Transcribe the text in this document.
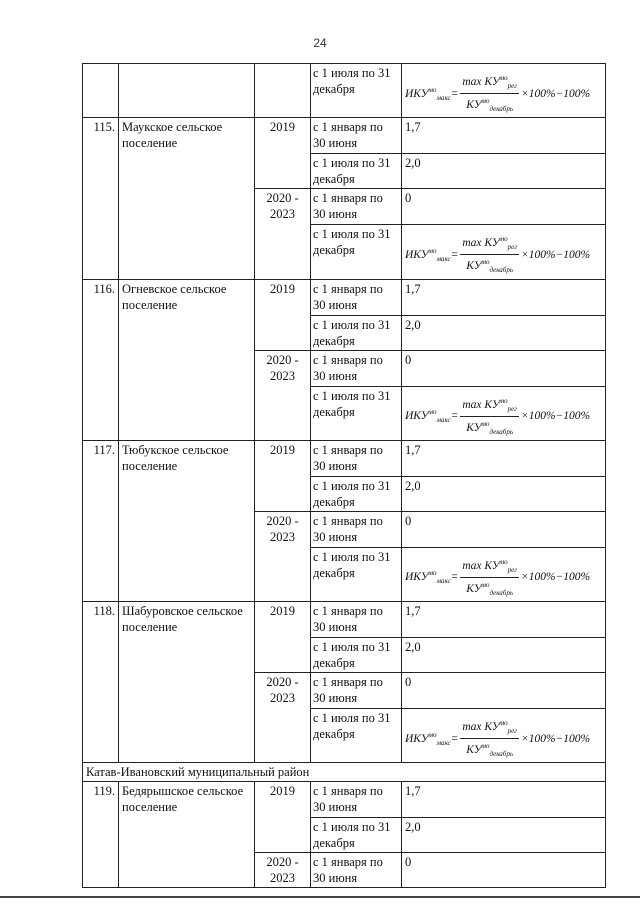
24
			с 1 июля по 31 декабря	$ИКУ^{мо}_{макс} = \frac{\max КУ^{мо}_{рег}}{КУ^{мо}_{декабрь}} \times 100\%-100\%$

115.	Маукское сельское поселение	2019	с 1 января по 30 июня	1,7
			с 1 июля по 31 декабря	2,0
		2020 - 2023	с 1 января по 30 июня	0
			с 1 июля по 31 декабря	$ИКУ^{мо}_{макс} = \frac{\max КУ^{мо}_{рег}}{КУ^{мо}_{декабрь}} \times 100\%-100\%$

116.	Огневское сельское поселение	2019	с 1 января по 30 июня	1,7
			с 1 июля по 31 декабря	2,0
		2020 - 2023	с 1 января по 30 июня	0
			с 1 июля по 31 декабря	$ИКУ^{мо}_{макс} = \frac{\max КУ^{мо}_{рег}}{КУ^{мо}_{декабрь}} \times 100\%-100\%$

117.	Тюбукское сельское поселение	2019	с 1 января по 30 июня	1,7
			с 1 июля по 31 декабря	2,0
		2020 - 2023	с 1 января по 30 июня	0
			с 1 июля по 31 декабря	$ИКУ^{мо}_{макс} = \frac{\max КУ^{мо}_{рег}}{КУ^{мо}_{декабрь}} \times 100\%-100\%$

118.	Шабуровское сельское поселение	2019	с 1 января по 30 июня	1,7
			с 1 июля по 31 декабря	2,0
		2020 - 2023	с 1 января по 30 июня	0
			с 1 июля по 31 декабря	$ИКУ^{мо}_{макс} = \frac{\max КУ^{мо}_{рег}}{КУ^{мо}_{декабрь}} \times 100\%-100\%$

Катав-Ивановский муниципальный район				
119.	Бедярышское сельское поселение	2019	с 1 января по 30 июня	1,7
			с 1 июля по 31 декабря	2,0
		2020 - 2023	с 1 января по 30 июня	0
